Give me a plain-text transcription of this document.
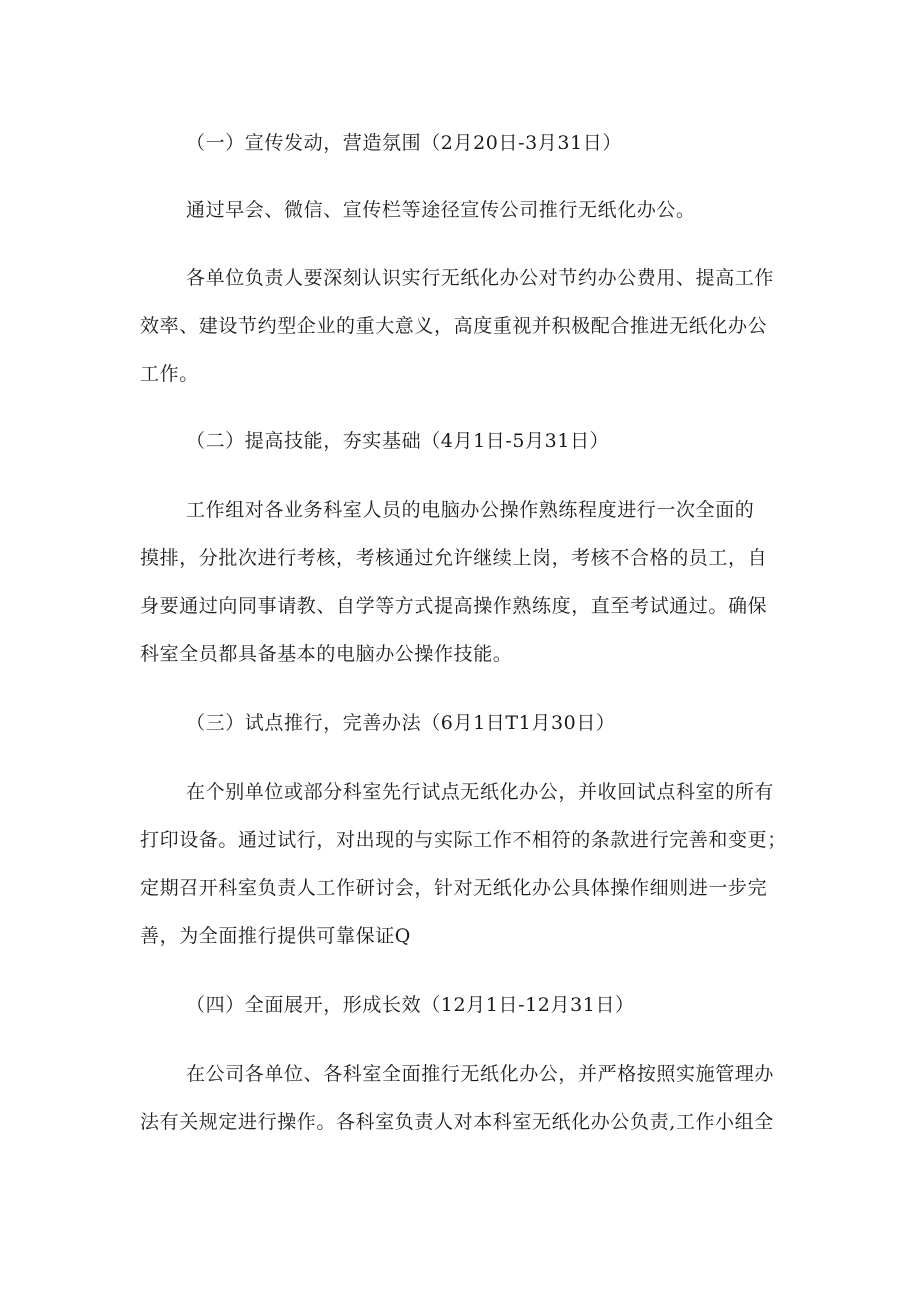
（一）宣传发动，营造氛围（2月20日-3月31日）
通过早会、微信、宣传栏等途径宣传公司推行无纸化办公。
各单位负责人要深刻认识实行无纸化办公对节约办公费用、提高工作
效率、建设节约型企业的重大意义，高度重视并积极配合推进无纸化办公
工作。
（二）提高技能，夯实基础（4月1日-5月31日）
工作组对各业务科室人员的电脑办公操作熟练程度进行一次全面的
摸排，分批次进行考核，考核通过允许继续上岗，考核不合格的员工，自
身要通过向同事请教、自学等方式提高操作熟练度，直至考试通过。确保
科室全员都具备基本的电脑办公操作技能。
（三）试点推行，完善办法（6月1日T1月30日）
在个别单位或部分科室先行试点无纸化办公，并收回试点科室的所有
打印设备。通过试行，对出现的与实际工作不相符的条款进行完善和变更；
定期召开科室负责人工作研讨会，针对无纸化办公具体操作细则进一步完
善，为全面推行提供可靠保证Q
（四）全面展开，形成长效（12月1日-12月31日）
在公司各单位、各科室全面推行无纸化办公，并严格按照实施管理办
法有关规定进行操作。各科室负责人对本科室无纸化办公负责,工作小组全
